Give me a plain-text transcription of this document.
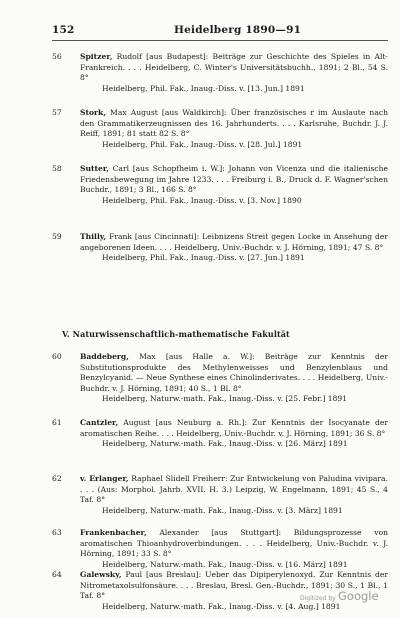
152	Heidelberg 1890—91
56	Spitzer, Rudolf [aus Budapest]: Beiträge zur Geschichte des Spieles in Alt-Frankreich. . . . Heidelberg, C. Winter's Universitätsbuchh., 1891; 2 Bl., 54 S. 8°
Heidelberg, Phil. Fak., Inaug.-Diss. v. [13. Jun.] 1891
57	Stork, Max August [aus Waldkirch]: Über französisches r im Auslaute nach den Grammatikerzeugnissen des 16. Jahrhunderts. . . . Karlsruhe, Buchdr. J. J. Reiff, 1891; 81 statt 82 S. 8°
Heidelberg, Phil. Fak., Inaug.-Diss. v. [28. Jul.] 1891
58	Sutter, Carl [aus Schopfheim i. W.]: Johann von Vicenza und die italienische Friedensbewegung im Jahre 1233. . . . Freiburg i. B., Druck d. F. Wagner'schen Buchdr., 1891; 3 Bl., 166 S. 8°
Heidelberg, Phil. Fak., Inaug.-Diss. v. [3. Nov.] 1890
59	Thilly, Frank [aus Cincinnati]: Leibnizens Streit gegen Locke in Ansehung der angeborenen Ideen. . . . Heidelberg, Univ.-Buchdr. v. J. Hörning, 1891; 47 S. 8°
Heidelberg, Phil. Fak., Inaug.-Diss. v. [27. Jun.] 1891
V. Naturwissenschaftlich-mathematische Fakultät
60	Baddeberg, Max [aus Halle a. W.]: Beiträge zur Kenntnis der Substitutionsprodukte des Methylenweisses und Benzylenblaus und Benzylcyanid. — Neue Synthese eines Chinolinderivates. . . . Heidelberg, Univ.-Buchdr. v. J. Hörning, 1891; 40 S., 1 Bl. 8°
Heidelberg, Naturw.-math. Fak., Inaug.-Diss. v. [25. Febr.] 1891
61	Cantzler, August [aus Neuburg a. Rh.]: Zur Kenntnis der Isocyanate der aromatischen Reihe. . . . Heidelberg, Univ.-Buchdr. v. J. Hörning, 1891; 36 S. 8°
Heidelberg, Naturw.-math. Fak., Inaug.-Diss. v. [26. März] 1891
62	v. Erlanger, Raphael Slidell Freiherr: Zur Entwickelung von Paludina vivipara. . . . (Aus: Morphol. Jahrb. XVII. H. 3.) Leipzig, W. Engelmann, 1891; 45 S., 4 Taf. 8°
Heidelberg, Naturw.-math. Fak., Inaug.-Diss. v. [3. März] 1891
63	Frankenbacher, Alexander [aus Stuttgart]: Bildungsprozesse von aromatischen Thioanhydroverbindungen. . . . Heidelberg, Univ.-Buchdr. v. J. Hörning, 1891; 33 S. 8°
Heidelberg, Naturw.-math. Fak., Inaug.-Diss. v. [16. März] 1891
64	Galewsky, Paul [aus Breslau]: Ueber das Dipiperylenoxyd. Zur Kenntnis der Nitrometaxolsulfonsäure. . . . Breslau, Bresl. Gen.-Buchdr., 1891; 30 S., 1 Bl., 1 Taf. 8°
Heidelberg, Naturw.-math. Fak., Inaug.-Diss. v. [4. Aug.] 1891
Digitized by Google
